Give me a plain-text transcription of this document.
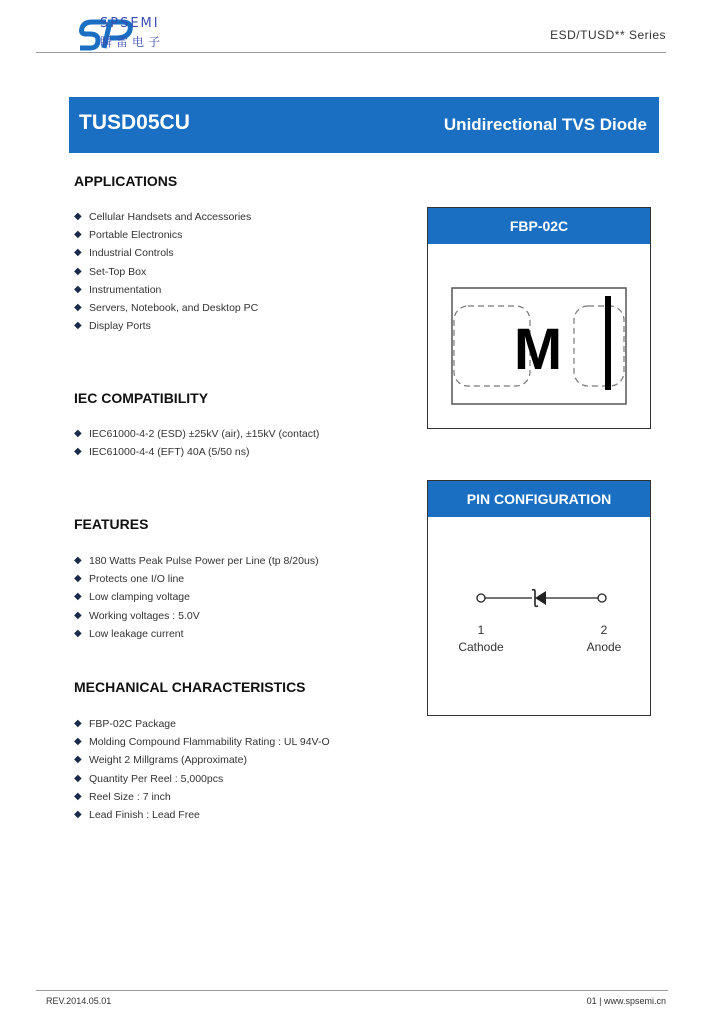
SPSEMI
瞬雷电子	ESD/TUSD** Series
TUSD05CU	Unidirectional TVS Diode
APPLICATIONS
◆ Cellular Handsets and Accessories
◆ Portable Electronics
◆ Industrial Controls
◆ Set-Top Box
◆ Instrumentation
◆ Servers, Notebook, and Desktop PC
◆ Display Ports
IEC COMPATIBILITY
◆ IEC61000-4-2 (ESD) ±25kV (air), ±15kV (contact)
◆ IEC61000-4-4 (EFT) 40A (5/50 ns)
FEATURES
◆ 180 Watts Peak Pulse Power per Line (tp 8/20us)
◆ Protects one I/O line
◆ Low clamping voltage
◆ Working voltages : 5.0V
◆ Low leakage current
MECHANICAL CHARACTERISTICS
◆ FBP-02C Package
◆ Molding Compound Flammability Rating : UL 94V-O
◆ Weight 2 Millgrams (Approximate)
◆ Quantity Per Reel : 5,000pcs
◆ Reel Size : 7 inch
◆ Lead Finish : Lead Free
FBP-02C
M
PIN CONFIGURATION
1
Cathode
2
Anode
REV.2014.05.01	01 | www.spsemi.cn
